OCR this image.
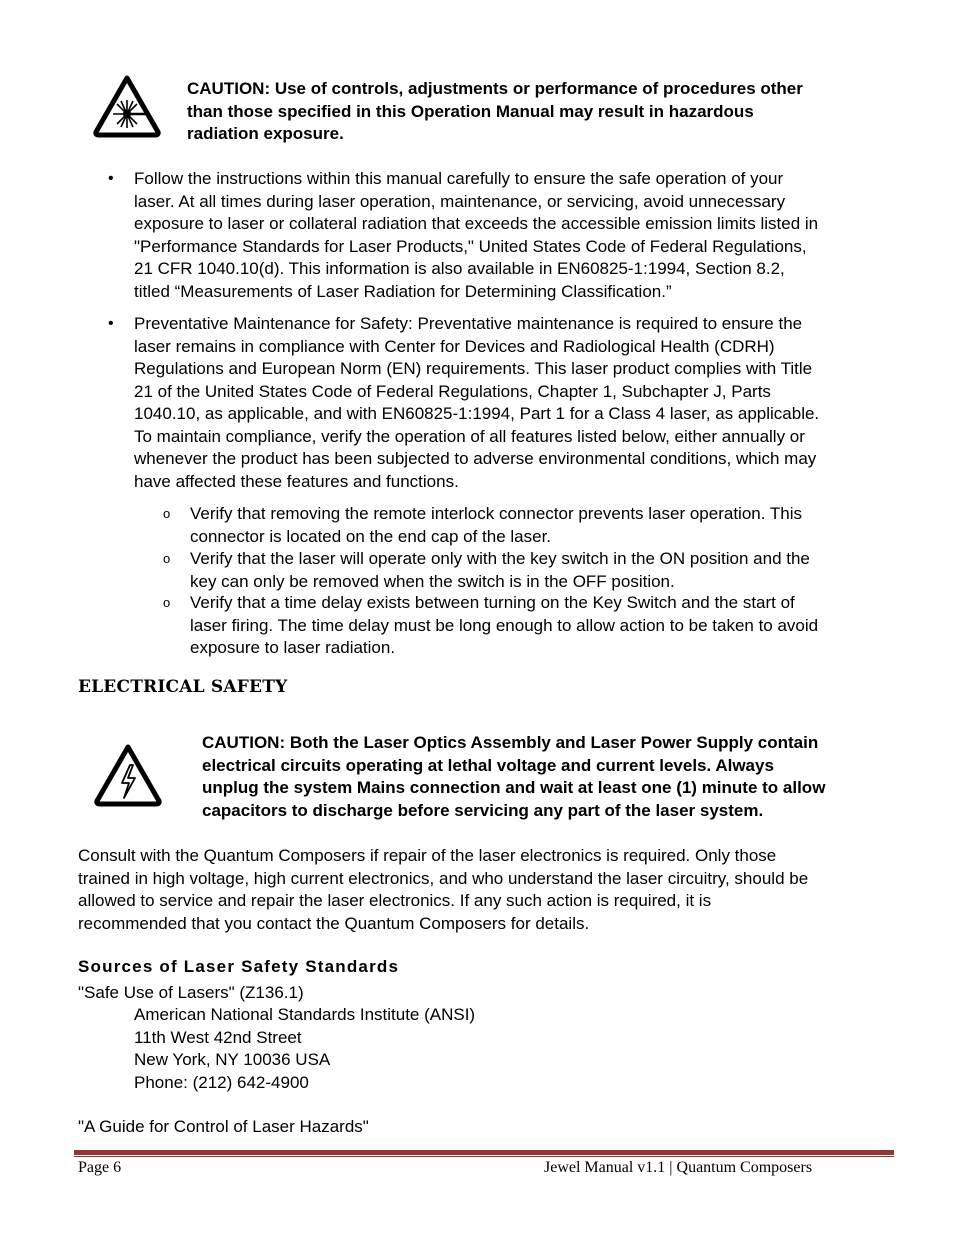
CAUTION: Use of controls, adjustments or performance of procedures other
than those specified in this Operation Manual may result in hazardous
radiation exposure.
• Follow the instructions within this manual carefully to ensure the safe operation of your
laser. At all times during laser operation, maintenance, or servicing, avoid unnecessary
exposure to laser or collateral radiation that exceeds the accessible emission limits listed in
"Performance Standards for Laser Products," United States Code of Federal Regulations,
21 CFR 1040.10(d). This information is also available in EN60825-1:1994, Section 8.2,
titled “Measurements of Laser Radiation for Determining Classification.”
• Preventative Maintenance for Safety: Preventative maintenance is required to ensure the
laser remains in compliance with Center for Devices and Radiological Health (CDRH)
Regulations and European Norm (EN) requirements. This laser product complies with Title
21 of the United States Code of Federal Regulations, Chapter 1, Subchapter J, Parts
1040.10, as applicable, and with EN60825-1:1994, Part 1 for a Class 4 laser, as applicable.
To maintain compliance, verify the operation of all features listed below, either annually or
whenever the product has been subjected to adverse environmental conditions, which may
have affected these features and functions.
o Verify that removing the remote interlock connector prevents laser operation. This
connector is located on the end cap of the laser.
o Verify that the laser will operate only with the key switch in the ON position and the
key can only be removed when the switch is in the OFF position.
o Verify that a time delay exists between turning on the Key Switch and the start of
laser firing. The time delay must be long enough to allow action to be taken to avoid
exposure to laser radiation.
ELECTRICAL SAFETY
CAUTION: Both the Laser Optics Assembly and Laser Power Supply contain
electrical circuits operating at lethal voltage and current levels. Always
unplug the system Mains connection and wait at least one (1) minute to allow
capacitors to discharge before servicing any part of the laser system.
Consult with the Quantum Composers if repair of the laser electronics is required. Only those
trained in high voltage, high current electronics, and who understand the laser circuitry, should be
allowed to service and repair the laser electronics. If any such action is required, it is
recommended that you contact the Quantum Composers for details.
Sources of Laser Safety Standards
"Safe Use of Lasers" (Z136.1)
American National Standards Institute (ANSI)
11th West 42nd Street
New York, NY 10036 USA
Phone: (212) 642-4900
"A Guide for Control of Laser Hazards"
Page 6	Jewel Manual v1.1 | Quantum Composers
